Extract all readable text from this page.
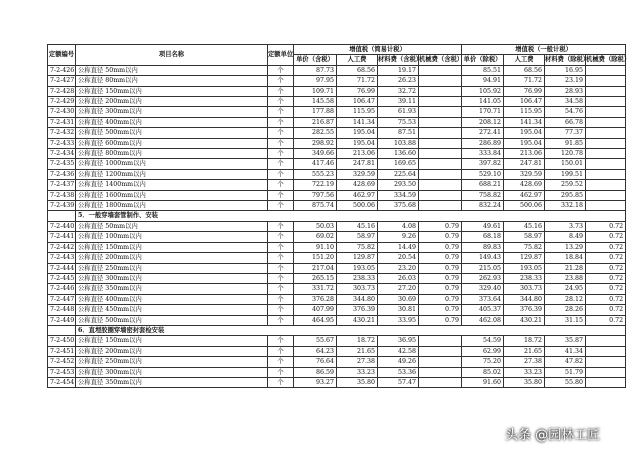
定额编号	项目名称	定额单位	增值税（简易计税）				增值税（一般计税）			

			单价（含税）	人工费	材料费（含税）	机械费（含税）	单价（除税）	人工费	材料费（除税）	机械费（除税）

7-2-426	公称直径 50mm以内	个	87.73	68.56	19.17		85.51	68.56	16.95	
7-2-427	公称直径 80mm以内	个	97.95	71.72	26.23		94.91	71.72	23.19	
7-2-428	公称直径 150mm以内	个	109.71	76.99	32.72		105.92	76.99	28.93	
7-2-429	公称直径 200mm以内	个	145.58	106.47	39.11		141.05	106.47	34.58	
7-2-430	公称直径 300mm以内	个	177.88	115.95	61.93		170.71	115.95	54.76	
7-2-431	公称直径 400mm以内	个	216.87	141.34	75.53		208.12	141.34	66.78	
7-2-432	公称直径 500mm以内	个	282.55	195.04	87.51		272.41	195.04	77.37	
7-2-433	公称直径 600mm以内	个	298.92	195.04	103.88		286.89	195.04	91.85	
7-2-434	公称直径 800mm以内	个	349.66	213.06	136.60		333.84	213.06	120.78	
7-2-435	公称直径 1000mm以内	个	417.46	247.81	169.65		397.82	247.81	150.01	
7-2-436	公称直径 1200mm以内	个	555.23	329.59	225.64		529.10	329.59	199.51	
7-2-437	公称直径 1400mm以内	个	722.19	428.69	293.50		688.21	428.69	259.52	
7-2-438	公称直径 1600mm以内	个	797.56	462.97	334.59		758.82	462.97	295.85	
7-2-439	公称直径 1800mm以内	个	875.74	500.06	375.68		832.24	500.06	332.18	
	5．一般穿墙套管制作、安装									
7-2-440	公称直径 50mm以内	个	50.03	45.16	4.08	0.79	49.61	45.16	3.73	0.72
7-2-441	公称直径 100mm以内	个	69.02	58.97	9.26	0.79	68.18	58.97	8.49	0.72
7-2-442	公称直径 150mm以内	个	91.10	75.82	14.49	0.79	89.83	75.82	13.29	0.72
7-2-443	公称直径 200mm以内	个	151.20	129.87	20.54	0.79	149.43	129.87	18.84	0.72
7-2-444	公称直径 250mm以内	个	217.04	193.05	23.20	0.79	215.05	193.05	21.28	0.72
7-2-445	公称直径 300mm以内	个	265.15	238.33	26.03	0.79	262.93	238.33	23.88	0.72
7-2-446	公称直径 350mm以内	个	331.72	303.73	27.20	0.79	329.40	303.73	24.95	0.72
7-2-447	公称直径 400mm以内	个	376.28	344.80	30.69	0.79	373.64	344.80	28.12	0.72
7-2-448	公称直径 450mm以内	个	407.99	376.39	30.81	0.79	405.37	376.39	28.26	0.72
7-2-449	公称直径 500mm以内	个	464.95	430.21	33.95	0.79	462.08	430.21	31.15	0.72
	6．直埋胶圈穿墙密封套检安装									
7-2-450	公称直径 150mm以内	个	55.67	18.72	36.95		54.59	18.72	35.87	
7-2-451	公称直径 200mm以内	个	64.23	21.65	42.58		62.99	21.65	41.34	
7-2-452	公称直径 250mm以内	个	76.64	27.38	49.26		75.20	27.38	47.82	
7-2-453	公称直径 300mm以内	个	86.59	33.23	53.36		85.02	33.23	51.79	
7-2-454	公称直径 350mm以内	个	93.27	35.80	57.47		91.60	35.80	55.80	
头条 @园林工匠
